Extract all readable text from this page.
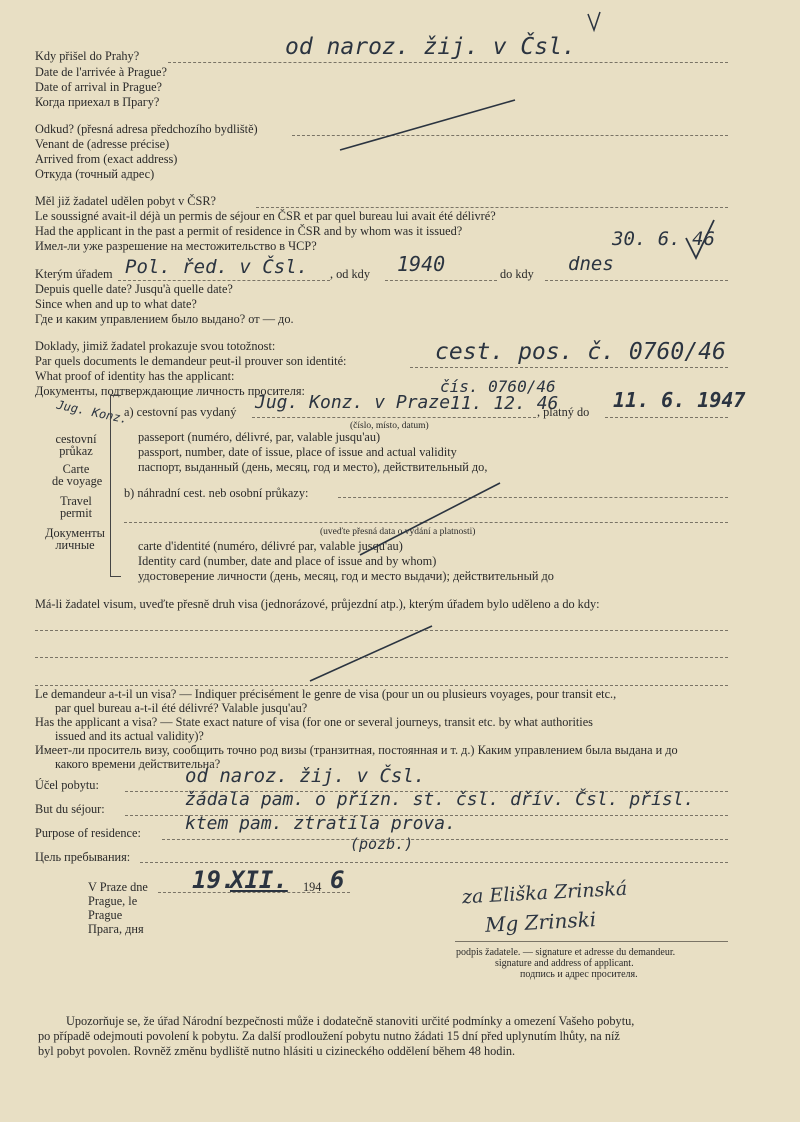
Kdy přišel do Prahy?
Date de l'arrivée à Prague?
Date of arrival in Prague?
Когда приехал в Прагу?
od naroz. žij. v Čsl.
Odkud? (přesná adresa předchozího bydliště)
Venant de (adresse précise)
Arrived from (exact address)
Откуда (точный адрес)
Měl již žadatel udělen pobyt v ČSR?
Le soussigné avait-il déjà un permis de séjour en ČSR et par quel bureau lui avait été délivré?
Had the applicant in the past a permit of residence in ČSR and by whom was it issued?
Имел-ли уже разрешение на местожительство в ЧСР?	30. 6. 46
Kterým úřadem Pol. řed. v Čsl. , od kdy 1940	do kdy dnes
Depuis quelle date? Jusqu'à quelle date?
Since when and up to what date?
Где и каким управлением было выдано? от — до.
Doklady, jimiž žadatel prokazuje svou totožnost:
Par quels documents le demandeur peut-il prouver son identité:
What proof of identity has the applicant:
Документы, подтверждающие личность просителя:
cest. pos. č. 0760/46
čís. 0760/46
Jug. Konz.
cestovní
průkaz
Carte
de voyage
Travel
permit
Документы
личные
a) cestovní pas vydaný Jug. Konz. v Praze 11. 12. 46
, platný do 11. 6. 1947
(číslo, místo, datum)
passeport (numéro, délivré, par, valable jusqu'au)
passport, number, date of issue, place of issue and actual validity
паспорт, выданный (день, месяц, год и место), действительный до,
b) náhradní cest. neb osobní průkazy:
(uveďte přesná data o vydání a platnosti)
carte d'identité (numéro, délivré par, valable jusqu'au)
Identity card (number, date and place of issue and by whom)
удостоверение личности (день, месяц, год и место выдачи); действительный до
Má-li žadatel visum, uveďte přesně druh visa (jednorázové, průjezdní atp.), kterým úřadem bylo uděleno a do kdy:
Le demandeur a-t-il un visa? — Indiquer précisément le genre de visa (pour un ou plusieurs voyages, pour transit etc.,
par quel bureau a-t-il été délivré? Valable jusqu'au?
Has the applicant a visa? — State exact nature of visa (for one or several journeys, transit etc. by what authorities
issued and its actual validity)?
Имеет-ли проситель визу, сообщить точно род визы (транзитная, постоянная и т. д.) Каким управлением была выдана и до
какого времени действительна?
Účel pobytu:
But du séjour:
Purpose of residence:
Цель пребывания:
od naroz. žij. v Čsl.
žádala pam. o přízn. st. čsl. dřív. Čsl. přísl.
ktem pam. ztratila prova.
(pozb.)
V Praze dne
Prague, le
Prague
Прага, дня
19.
XII. 194 6	za Eliška Zrinská
Mg Zrinski
podpis žadatele. — signature et adresse du demandeur.
signature and address of applicant.
подпись и адрес просителя.
Upozorňuje se, že úřad Národní bezpečnosti může i dodatečně stanoviti určité podmínky a omezení Vašeho pobytu,
po případě odejmouti povolení k pobytu. Za další prodloužení pobytu nutno žádati 15 dní před uplynutím lhůty, na níž
byl pobyt povolen. Rovněž změnu bydliště nutno hlásiti u cizineckého oddělení během 48 hodin.
